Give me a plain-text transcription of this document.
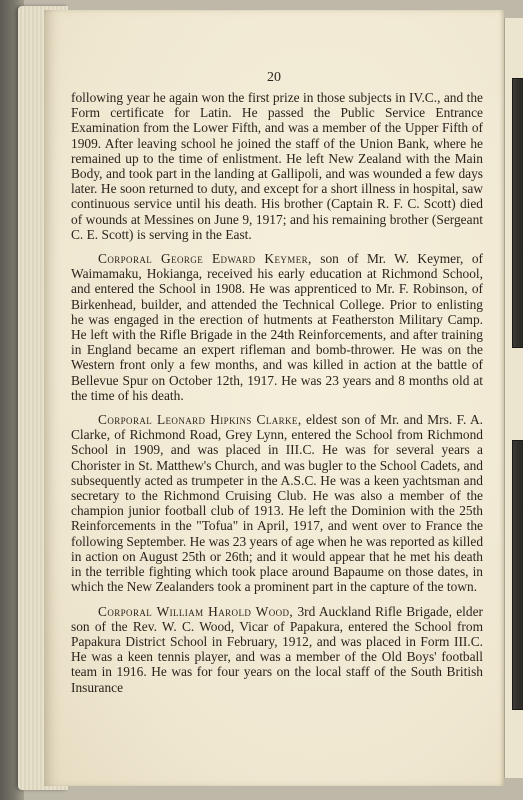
20

following year he again won the first prize in those subjects in IV.C., and the Form certificate for Latin. He passed the Public Service Entrance Examination from the Lower Fifth, and was a member of the Upper Fifth of 1909. After leaving school he joined the staff of the Union Bank, where he remained up to the time of enlistment. He left New Zealand with the Main Body, and took part in the landing at Gallipoli, and was wounded a few days later. He soon returned to duty, and except for a short illness in hospital, saw continuous service until his death. His brother (Captain R. F. C. Scott) died of wounds at Messines on June 9, 1917; and his remaining brother (Sergeant C. E. Scott) is serving in the East.

Corporal George Edward Keymer, son of Mr. W. Keymer, of Waimamaku, Hokianga, received his early education at Richmond School, and entered the School in 1908. He was apprenticed to Mr. F. Robinson, of Birkenhead, builder, and attended the Technical College. Prior to enlisting he was engaged in the erection of hutments at Featherston Military Camp. He left with the Rifle Brigade in the 24th Reinforcements, and after training in England became an expert rifleman and bomb-thrower. He was on the Western front only a few months, and was killed in action at the battle of Bellevue Spur on October 12th, 1917. He was 23 years and 8 months old at the time of his death.

Corporal Leonard Hipkins Clarke, eldest son of Mr. and Mrs. F. A. Clarke, of Richmond Road, Grey Lynn, entered the School from Richmond School in 1909, and was placed in III.C. He was for several years a Chorister in St. Matthew's Church, and was bugler to the School Cadets, and subsequently acted as trumpeter in the A.S.C. He was a keen yachtsman and secretary to the Richmond Cruising Club. He was also a member of the champion junior football club of 1913. He left the Dominion with the 25th Reinforcements in the "Tofua" in April, 1917, and went over to France the following September. He was 23 years of age when he was reported as killed in action on August 25th or 26th; and it would appear that he met his death in the terrible fighting which took place around Bapaume on those dates, in which the New Zealanders took a prominent part in the capture of the town.

Corporal William Harold Wood, 3rd Auckland Rifle Brigade, elder son of the Rev. W. C. Wood, Vicar of Papakura, entered the School from Papakura District School in February, 1912, and was placed in Form III.C. He was a keen tennis player, and was a member of the Old Boys' football team in 1916. He was for four years on the local staff of the South British Insurance
